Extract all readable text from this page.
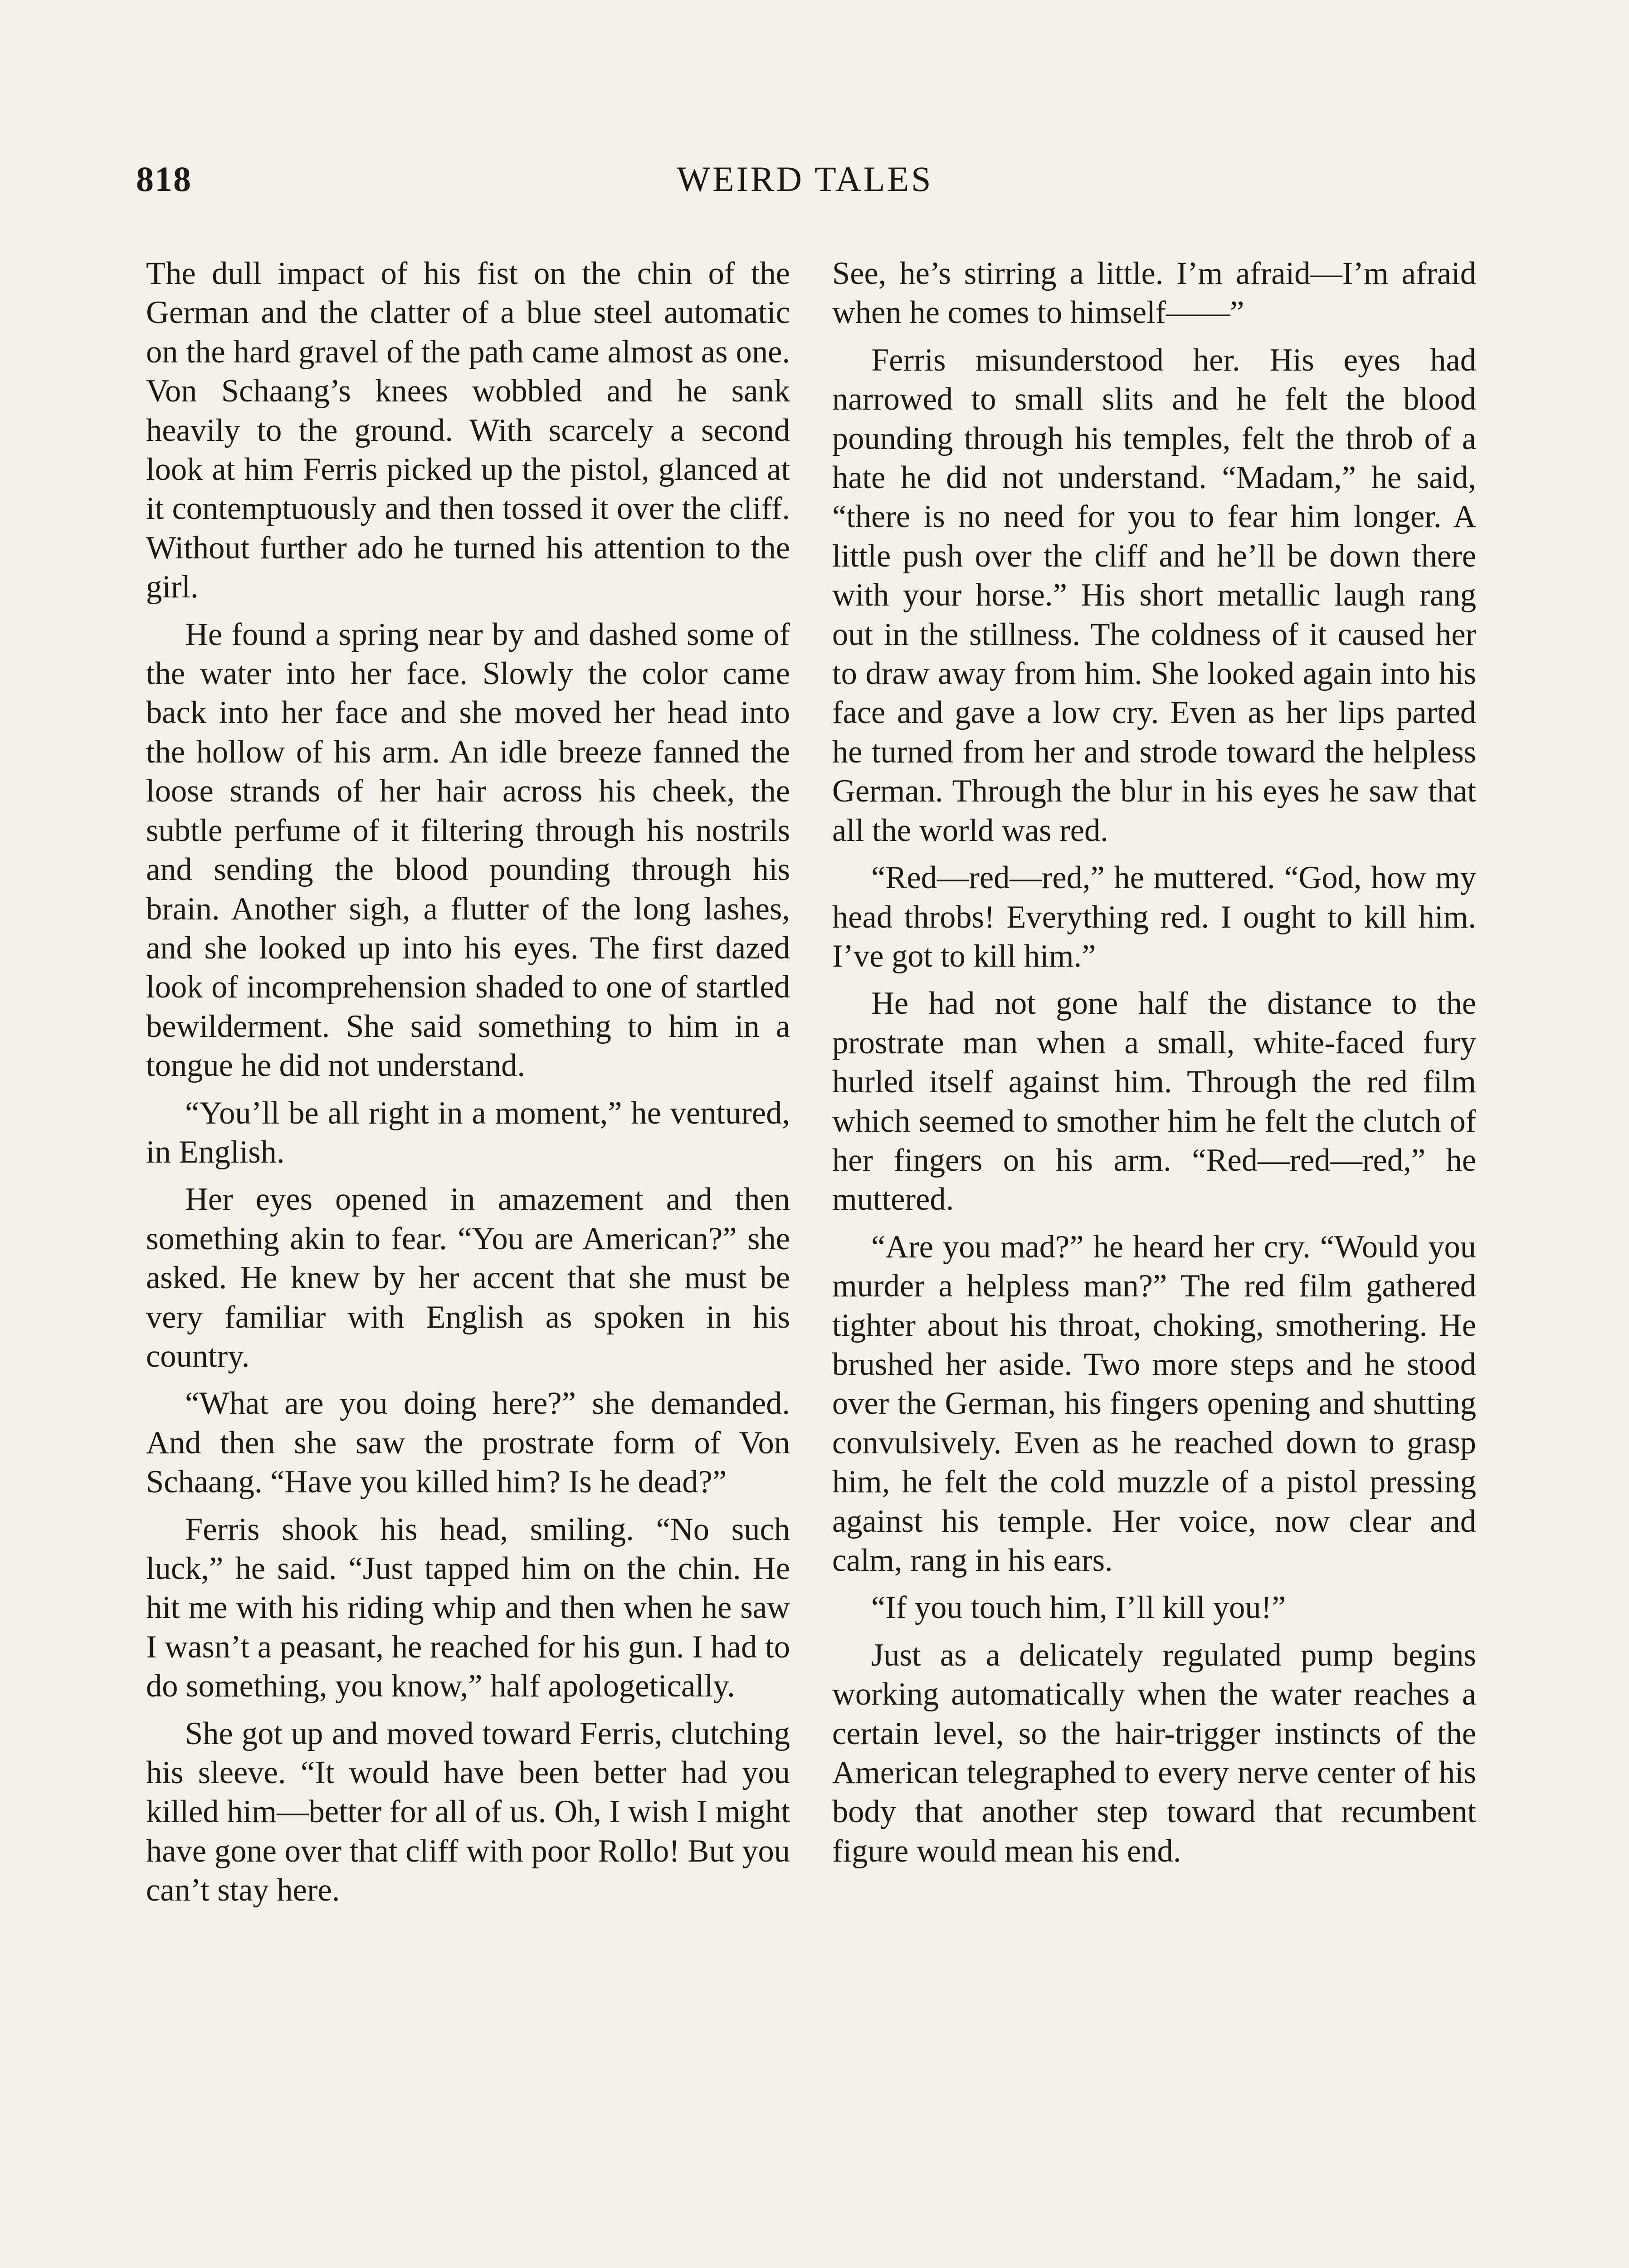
818	WEIRD TALES

The dull impact of his fist on the chin of the German and the clatter of a blue steel automatic on the hard gravel of the path came almost as one. Von Schaang’s knees wobbled and he sank heavily to the ground. With scarcely a second look at him Ferris picked up the pistol, glanced at it contemptuously and then tossed it over the cliff. Without further ado he turned his attention to the girl.

He found a spring near by and dashed some of the water into her face. Slowly the color came back into her face and she moved her head into the hollow of his arm. An idle breeze fanned the loose strands of her hair across his cheek, the subtle perfume of it filtering through his nostrils and sending the blood pounding through his brain. Another sigh, a flutter of the long lashes, and she looked up into his eyes. The first dazed look of incomprehension shaded to one of startled bewilderment. She said something to him in a tongue he did not understand.

“You’ll be all right in a moment,” he ventured, in English.

Her eyes opened in amazement and then something akin to fear. “You are American?” she asked. He knew by her accent that she must be very familiar with English as spoken in his country.

“What are you doing here?” she demanded. And then she saw the prostrate form of Von Schaang. “Have you killed him? Is he dead?”

Ferris shook his head, smiling. “No such luck,” he said. “Just tapped him on the chin. He hit me with his riding whip and then when he saw I wasn’t a peasant, he reached for his gun. I had to do something, you know,” half apologetically.

She got up and moved toward Ferris, clutching his sleeve. “It would have been better had you killed him—better for all of us. Oh, I wish I might have gone over that cliff with poor Rollo! But you can’t stay here.

See, he’s stirring a little. I’m afraid—I’m afraid when he comes to himself——”

Ferris misunderstood her. His eyes had narrowed to small slits and he felt the blood pounding through his temples, felt the throb of a hate he did not understand. “Madam,” he said, “there is no need for you to fear him longer. A little push over the cliff and he’ll be down there with your horse.” His short metallic laugh rang out in the stillness. The coldness of it caused her to draw away from him. She looked again into his face and gave a low cry. Even as her lips parted he turned from her and strode toward the helpless German. Through the blur in his eyes he saw that all the world was red.

“Red—red—red,” he muttered. “God, how my head throbs! Everything red. I ought to kill him. I’ve got to kill him.”

He had not gone half the distance to the prostrate man when a small, white-faced fury hurled itself against him. Through the red film which seemed to smother him he felt the clutch of her fingers on his arm. “Red—red—red,” he muttered.

“Are you mad?” he heard her cry. “Would you murder a helpless man?” The red film gathered tighter about his throat, choking, smothering. He brushed her aside. Two more steps and he stood over the German, his fingers opening and shutting convulsively. Even as he reached down to grasp him, he felt the cold muzzle of a pistol pressing against his temple. Her voice, now clear and calm, rang in his ears.

“If you touch him, I’ll kill you!”

Just as a delicately regulated pump begins working automatically when the water reaches a certain level, so the hair-trigger instincts of the American telegraphed to every nerve center of his body that another step toward that recumbent figure would mean his end.
